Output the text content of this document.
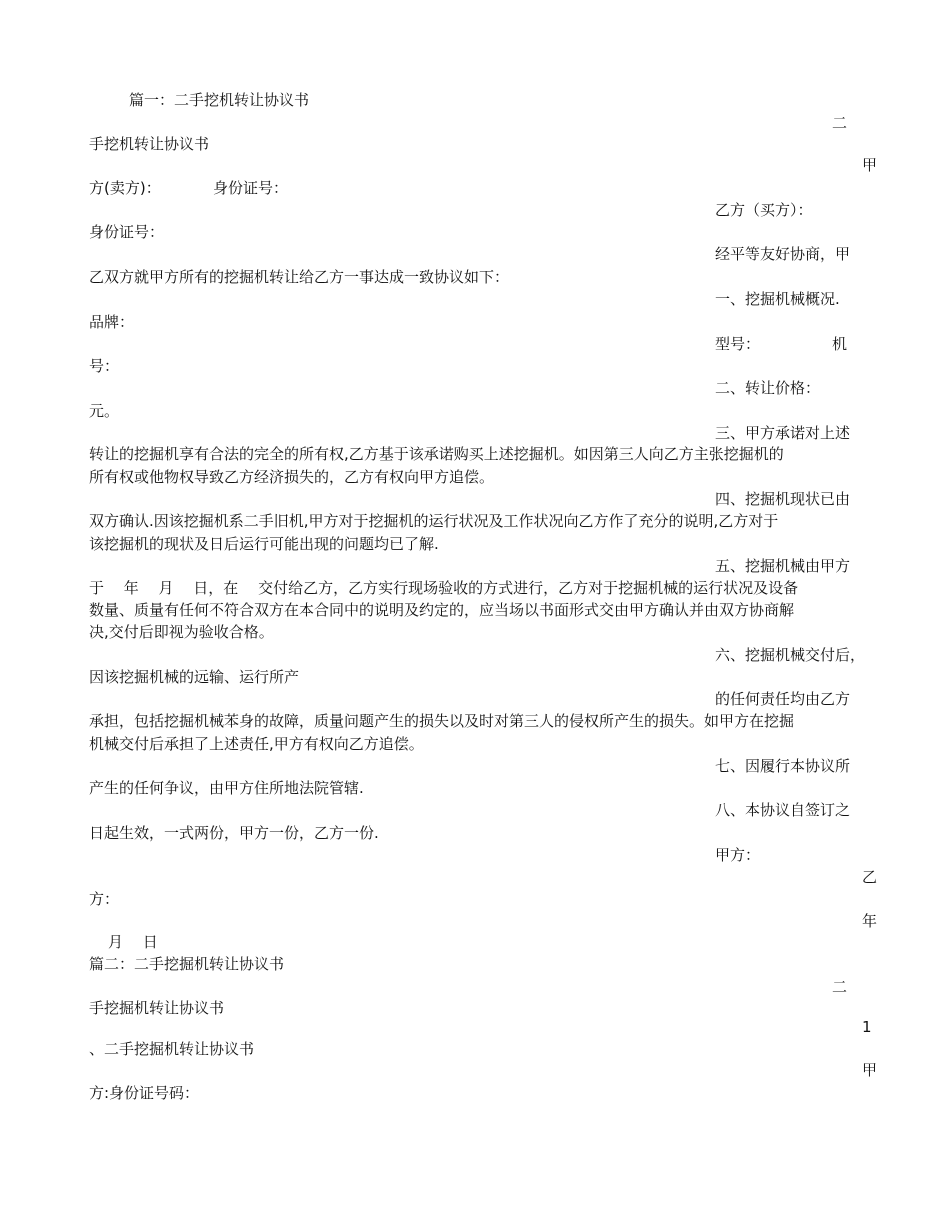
篇一：二手挖机转让协议书

二

手挖机转让协议书

甲

方(卖方)：	身份证号：

乙方（买方）：

身份证号：

经平等友好协商，甲

乙双方就甲方所有的挖掘机转让给乙方一事达成一致协议如下：

一、挖掘机械概况.

品牌：

型号：	机

号：

二、转让价格：

元。

三、甲方承诺对上述

转让的挖掘机享有合法的完全的所有权,乙方基于该承诺购买上述挖掘机。如因第三人向乙方主张挖掘机的

所有权或他物权导致乙方经济损失的，乙方有权向甲方追偿。

四、挖掘机现状已由

双方确认.因该挖掘机系二手旧机,甲方对于挖掘机的运行状况及工作状况向乙方作了充分的说明,乙方对于

该挖掘机的现状及日后运行可能出现的问题均已了解.

五、挖掘机械由甲方

于　 年　 月　 日，在　 交付给乙方，乙方实行现场验收的方式进行，乙方对于挖掘机械的运行状况及设备

数量、质量有任何不符合双方在本合同中的说明及约定的，应当场以书面形式交由甲方确认并由双方协商解

决,交付后即视为验收合格。

六、挖掘机械交付后，

因该挖掘机械的远输、运行所产

的任何责任均由乙方

承担，包括挖掘机械苯身的故障，质量问题产生的损失以及时对第三人的侵权所产生的损失。如甲方在挖掘

机械交付后承担了上述责任,甲方有权向乙方追偿。

七、因履行本协议所

产生的任何争议，由甲方住所地法院管辖.

八、本协议自签订之

日起生效，一式两份，甲方一份，乙方一份.

甲方：

乙

方：

年

月　 日

篇二：二手挖掘机转让协议书

二

手挖掘机转让协议书

1

、二手挖掘机转让协议书

甲

方:身份证号码：
